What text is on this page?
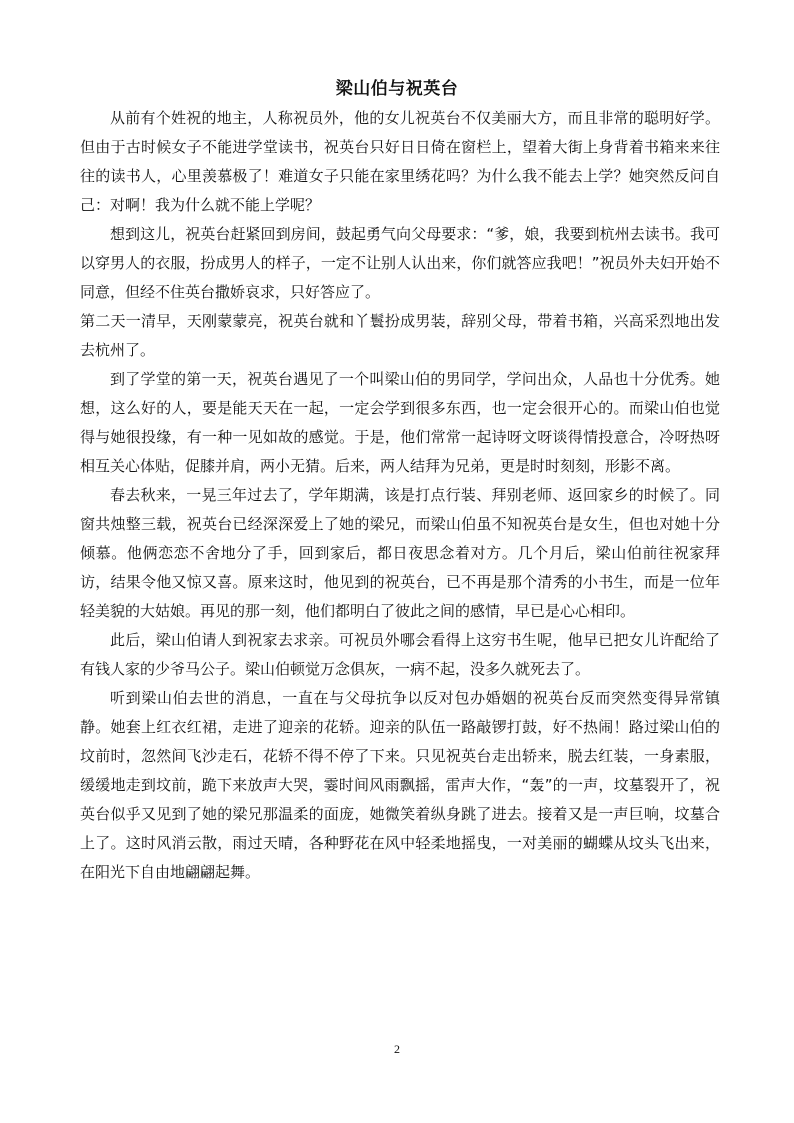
梁山伯与祝英台

从前有个姓祝的地主，人称祝员外，他的女儿祝英台不仅美丽大方，而且非常的聪明好学。但由于古时候女子不能进学堂读书，祝英台只好日日倚在窗栏上，望着大街上身背着书箱来来往往的读书人，心里羡慕极了！难道女子只能在家里绣花吗？为什么我不能去上学？她突然反问自己：对啊！我为什么就不能上学呢？

想到这儿，祝英台赶紧回到房间，鼓起勇气向父母要求：“爹，娘，我要到杭州去读书。我可以穿男人的衣服，扮成男人的样子，一定不让别人认出来，你们就答应我吧！”祝员外夫妇开始不同意，但经不住英台撒娇哀求，只好答应了。

第二天一清早，天刚蒙蒙亮，祝英台就和丫鬟扮成男装，辞别父母，带着书箱，兴高采烈地出发去杭州了。

到了学堂的第一天，祝英台遇见了一个叫梁山伯的男同学，学问出众，人品也十分优秀。她想，这么好的人，要是能天天在一起，一定会学到很多东西，也一定会很开心的。而梁山伯也觉得与她很投缘，有一种一见如故的感觉。于是，他们常常一起诗呀文呀谈得情投意合，冷呀热呀相互关心体贴，促膝并肩，两小无猜。后来，两人结拜为兄弟，更是时时刻刻，形影不离。

春去秋来，一晃三年过去了，学年期满，该是打点行装、拜别老师、返回家乡的时候了。同窗共烛整三载，祝英台已经深深爱上了她的梁兄，而梁山伯虽不知祝英台是女生，但也对她十分倾慕。他俩恋恋不舍地分了手，回到家后，都日夜思念着对方。几个月后，梁山伯前往祝家拜访，结果令他又惊又喜。原来这时，他见到的祝英台，已不再是那个清秀的小书生，而是一位年轻美貌的大姑娘。再见的那一刻，他们都明白了彼此之间的感情，早已是心心相印。

此后，梁山伯请人到祝家去求亲。可祝员外哪会看得上这穷书生呢，他早已把女儿许配给了有钱人家的少爷马公子。梁山伯顿觉万念俱灰，一病不起，没多久就死去了。

听到梁山伯去世的消息，一直在与父母抗争以反对包办婚姻的祝英台反而突然变得异常镇静。她套上红衣红裙，走进了迎亲的花轿。迎亲的队伍一路敲锣打鼓，好不热闹！路过梁山伯的坟前时，忽然间飞沙走石，花轿不得不停了下来。只见祝英台走出轿来，脱去红装，一身素服，缓缓地走到坟前，跪下来放声大哭，霎时间风雨飘摇，雷声大作，“轰”的一声，坟墓裂开了，祝英台似乎又见到了她的梁兄那温柔的面庞，她微笑着纵身跳了进去。接着又是一声巨响，坟墓合上了。这时风消云散，雨过天晴，各种野花在风中轻柔地摇曳，一对美丽的蝴蝶从坟头飞出来，在阳光下自由地翩翩起舞。

2
